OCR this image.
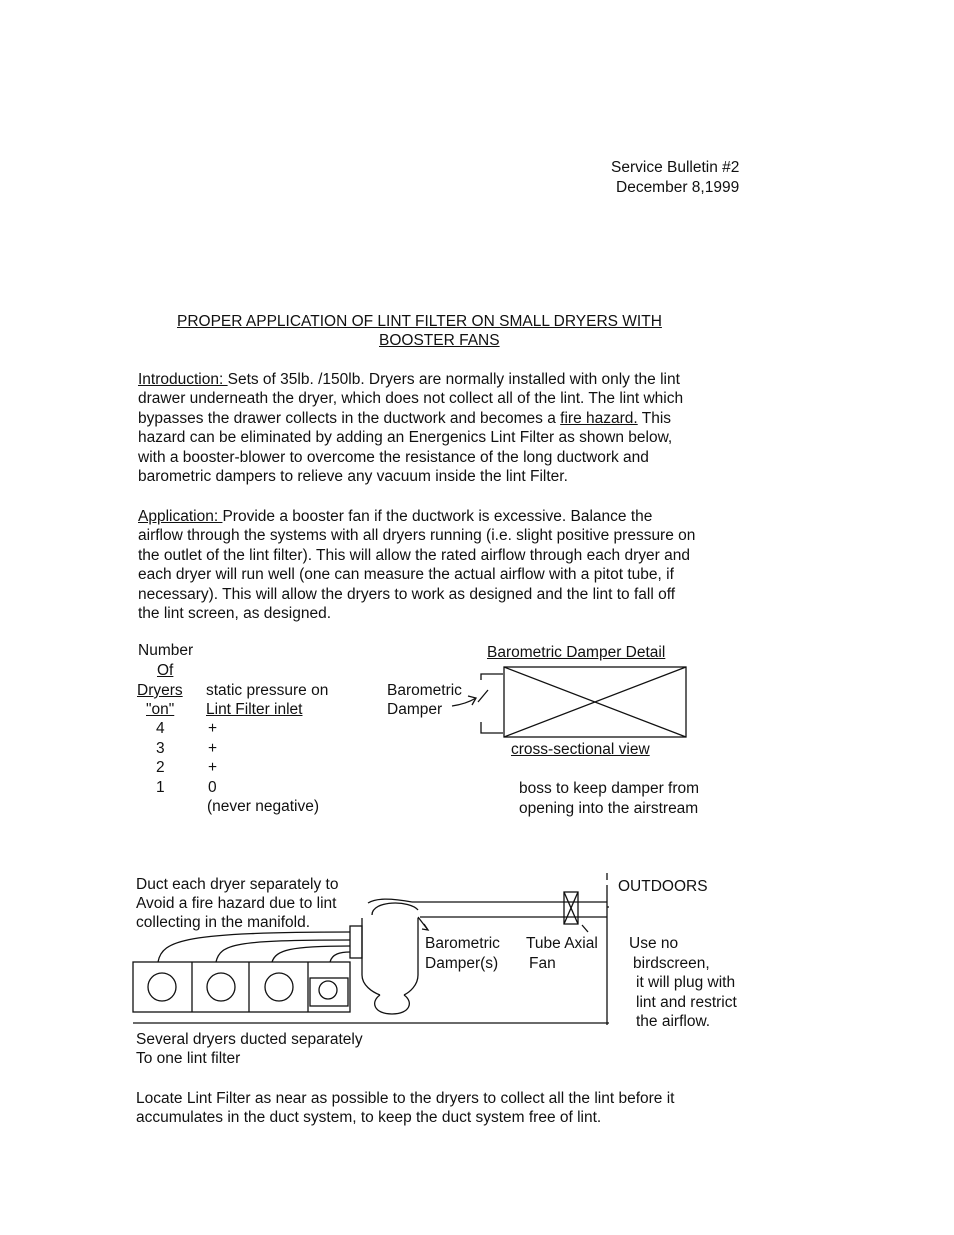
Service Bulletin #2
December 8,1999
PROPER APPLICATION OF LINT FILTER ON SMALL DRYERS WITH
BOOSTER FANS
Introduction: Sets of 35lb. /150lb. Dryers are normally installed with only the lint
drawer underneath the dryer, which does not collect all of the lint. The lint which
bypasses the drawer collects in the ductwork and becomes a fire hazard. This
hazard can be eliminated by adding an Energenics Lint Filter as shown below,
with a booster-blower to overcome the resistance of the long ductwork and
barometric dampers to relieve any vacuum inside the lint Filter.
Application: Provide a booster fan if the ductwork is excessive. Balance the
airflow through the systems with all dryers running (i.e. slight positive pressure on
the outlet of the lint filter). This will allow the rated airflow through each dryer and
each dryer will run well (one can measure the actual airflow with a pitot tube, if
necessary). This will allow the dryers to work as designed and the lint to fall off
the lint screen, as designed.
Number
Of
Dryers
"on"
static pressure on
Lint Filter inlet
4	+
3	+
2	+
1	0
(never negative)
Barometric Damper Detail
Barometric
Damper
cross-sectional view
boss to keep damper from
opening into the airstream
Duct each dryer separately to
Avoid a fire hazard due to lint
collecting in the manifold.
OUTDOORS
Barometric
Damper(s)
Tube Axial
Fan
Use no
birdscreen,
it will plug with
lint and restrict
the airflow.
Several dryers ducted separately
To one lint filter
Locate Lint Filter as near as possible to the dryers to collect all the lint before it
accumulates in the duct system, to keep the duct system free of lint.
